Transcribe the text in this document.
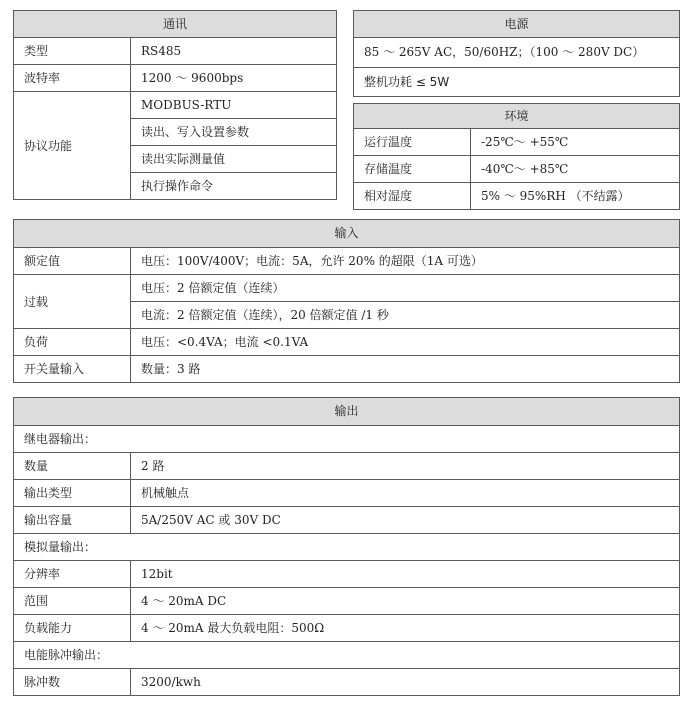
通讯	
类型	RS485
波特率	1200 ～ 9600bps
协议功能	MODBUS-RTU
	读出、写入设置参数
	读出实际测量值
	执行操作命令
电源
85 ～ 265V AC，50/60HZ；（100 ～ 280V DC）
整机功耗 ≤ 5W
环境	
运行温度	-25℃～ +55℃
存储温度	-40℃～ +85℃
相对湿度	5% ～ 95%RH （不结露）
输入	
额定值	电压：100V/400V；电流：5A，允许 20% 的超限（1A 可选）
过载	电压：2 倍额定值（连续）
	电流：2 倍额定值（连续），20 倍额定值 /1 秒
负荷	电压：<0.4VA；电流 <0.1VA
开关量输入	数量：3 路
输出	
继电器输出：	
数量	2 路
输出类型	机械触点
输出容量	5A/250V AC 或 30V DC
模拟量输出：	
分辨率	12bit
范围	4 ～ 20mA DC
负载能力	4 ～ 20mA 最大负载电阻：500Ω
电能脉冲输出：	
脉冲数	3200/kwh
